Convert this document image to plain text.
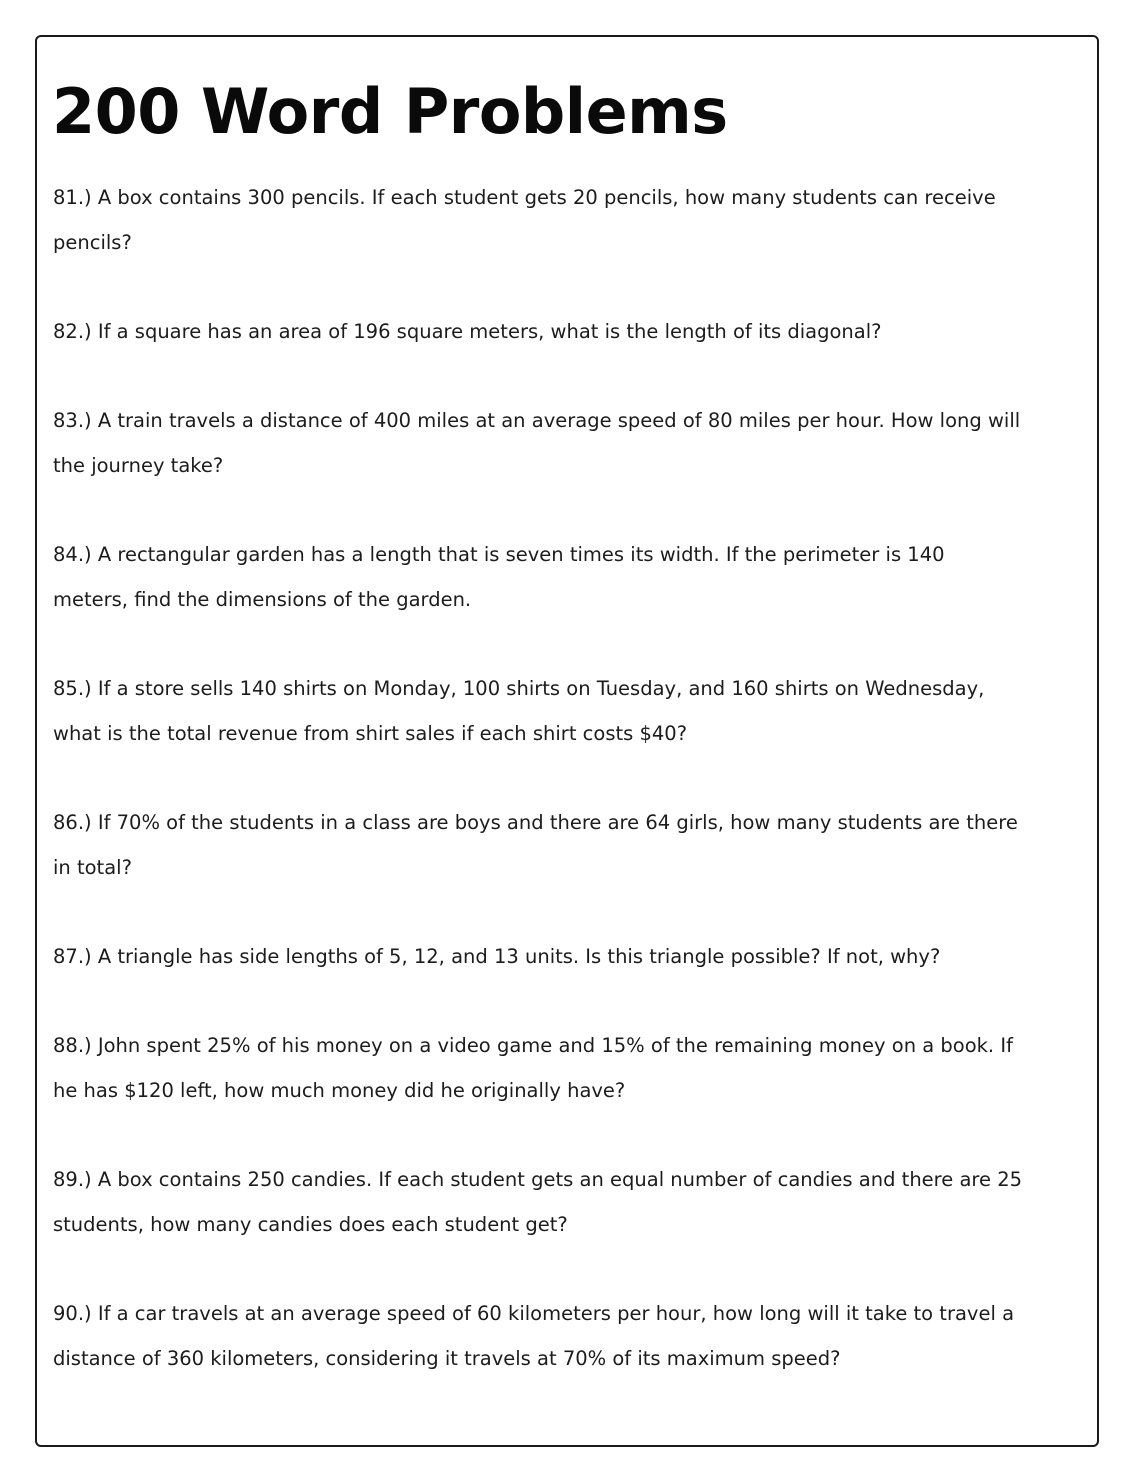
200 Word Problems
81.) A box contains 300 pencils. If each student gets 20 pencils, how many students can receive pencils?
82.) If a square has an area of 196 square meters, what is the length of its diagonal?
83.) A train travels a distance of 400 miles at an average speed of 80 miles per hour. How long will the journey take?
84.) A rectangular garden has a length that is seven times its width. If the perimeter is 140 meters, find the dimensions of the garden.
85.) If a store sells 140 shirts on Monday, 100 shirts on Tuesday, and 160 shirts on Wednesday, what is the total revenue from shirt sales if each shirt costs $40?
86.) If 70% of the students in a class are boys and there are 64 girls, how many students are there in total?
87.) A triangle has side lengths of 5, 12, and 13 units. Is this triangle possible? If not, why?
88.) John spent 25% of his money on a video game and 15% of the remaining money on a book. If he has $120 left, how much money did he originally have?
89.) A box contains 250 candies. If each student gets an equal number of candies and there are 25 students, how many candies does each student get?
90.) If a car travels at an average speed of 60 kilometers per hour, how long will it take to travel a distance of 360 kilometers, considering it travels at 70% of its maximum speed?
